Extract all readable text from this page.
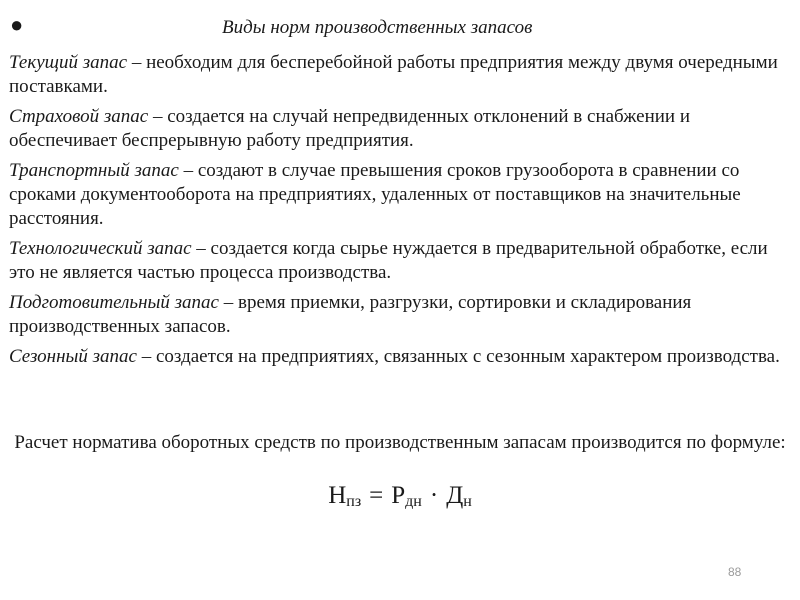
●	Виды норм производственных запасов

Текущий запас – необходим для бесперебойной работы предприятия между двумя очередными поставками.

Страховой запас – создается на случай непредвиденных отклонений в снабжении и обеспечивает беспрерывную работу предприятия.

Транспортный запас – создают в случае превышения сроков грузооборота в сравнении со сроками документооборота на предприятиях, удаленных от поставщиков на значительные расстояния.

Технологический запас – создается когда сырье нуждается в предварительной обработке, если это не является частью процесса производства.

Подготовительный запас – время приемки, разгрузки, сортировки и складирования производственных запасов.

Сезонный запас – создается на предприятиях, связанных с сезонным характером производства.

Расчет норматива оборотных средств по производственным запасам производится по формуле:
$Н_{пз} = Р_{дн} \cdot Д_н$
88
